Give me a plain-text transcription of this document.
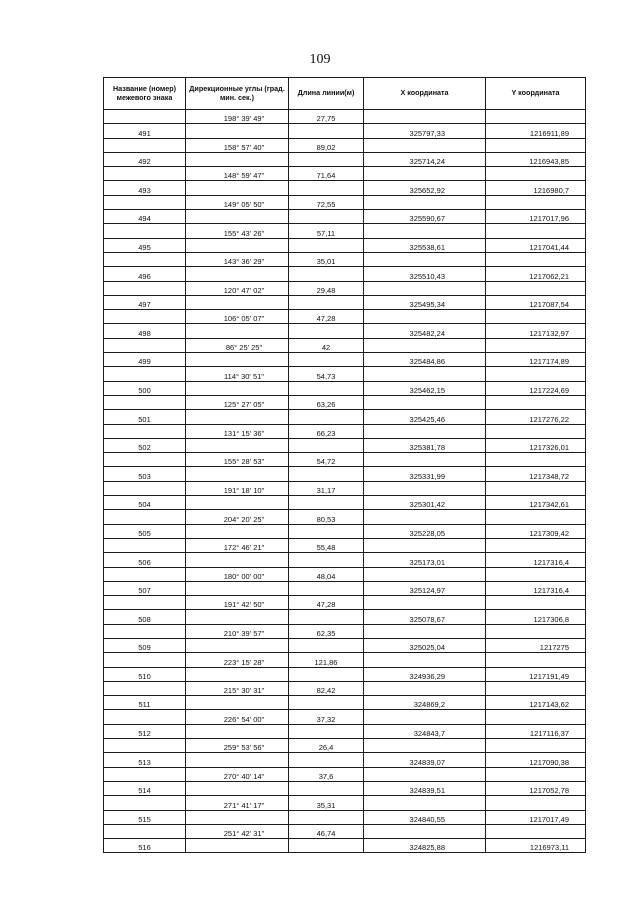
109
Название (номер) межевого знака	Дирекционные углы (град. мин. сек.)	Длина линии(м)	X координата	Y координата
	198° 39' 49"	27,75		
491			325797,33	1216911,89
	158° 57' 40"	89,02		
492			325714,24	1216943,85
	148° 59' 47"	71,64		
493			325652,92	1216980,7
	149° 05' 50"	72,55		
494			325590,67	1217017,96
	155° 43' 26"	57,11		
495			325538,61	1217041,44
	143° 36' 29"	35,01		
496			325510,43	1217062,21
	120° 47' 02"	29,48		
497			325495,34	1217087,54
	106° 05' 07"	47,28		
498			325482,24	1217132,97
	86° 25' 25"	42		
499			325484,86	1217174,89
	114° 30' 51"	54,73		
500			325462,15	1217224,69
	125° 27' 05"	63,26		
501			325425,46	1217276,22
	131° 15' 36"	66,23		
502			325381,78	1217326,01
	155° 28' 53"	54,72		
503			325331,99	1217348,72
	191° 18' 10"	31,17		
504			325301,42	1217342,61
	204° 20' 25"	80,53		
505			325228,05	1217309,42
	172° 46' 21"	55,48		
506			325173,01	1217316,4
	180° 00' 00"	48,04		
507			325124,97	1217316,4
	191° 42' 50"	47,28		
508			325078,67	1217306,8
	210° 39' 57"	62,35		
509			325025,04	1217275
	223° 15' 28"	121,86		
510			324936,29	1217191,49
	215° 30' 31"	82,42		
511			324869,2	1217143,62
	226° 54' 00"	37,32		
512			324843,7	1217116,37
	259° 53' 56"	26,4		
513			324839,07	1217090,38
	270° 40' 14"	37,6		
514			324839,51	1217052,78
	271° 41' 17"	35,31		
515			324840,55	1217017,49
	251° 42' 31"	46,74		
516			324825,88	1216973,11
